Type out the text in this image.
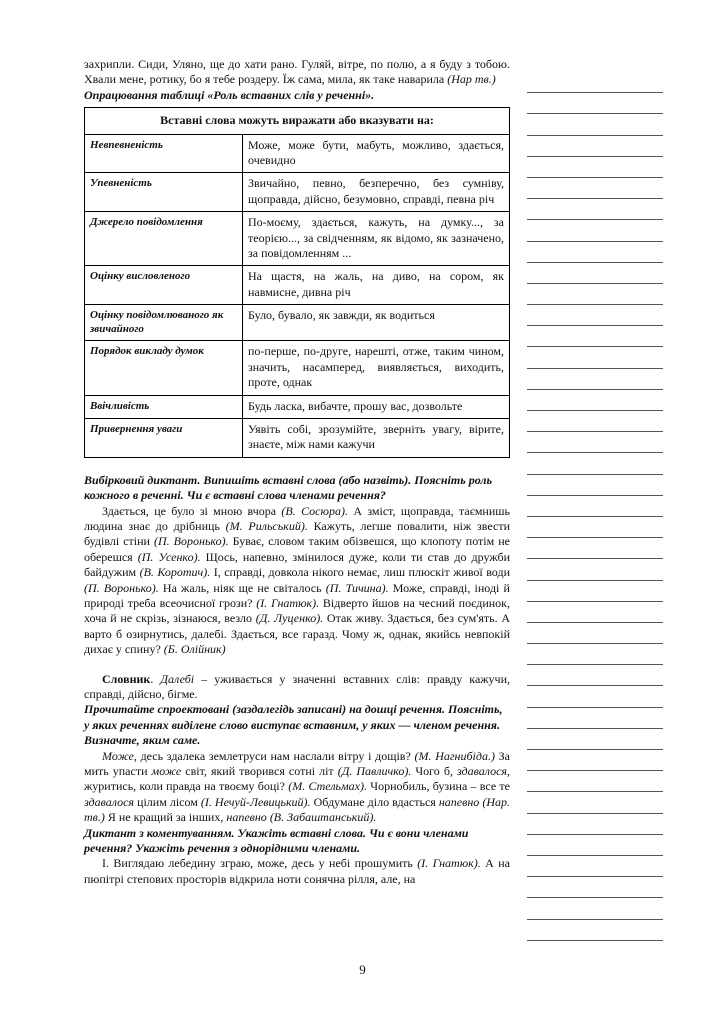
захрипли. Сиди, Уляно, ще до хати рано. Гуляй, вітре, по полю, а я буду з тобою. Хвали мене, ротику, бо я тебе роздеру. Їж сама, мила, як таке наварила (Нар тв.)

Опрацювання таблиці «Роль вставних слів у реченні».

Вставні слова можуть виражати або вказувати на:	
Невпевненість	Може, може бути, мабуть, можливо, здається, очевидно
Упевненість	Звичайно, певно, безперечно, без сумніву, щоправда, дійсно, безумовно, справді, певна річ
Джерело повідомлення	По-моєму, здається, кажуть, на думку..., за теорією..., за свідченням, як відомо, як зазначено, за повідомленням ...
Оцінку висловленого	На щастя, на жаль, на диво, на сором, як навмисне, дивна річ
Оцінку повідомлюваного як звичайного	Було, бувало, як завжди, як водиться
Порядок викладу думок	по-перше, по-друге, нарешті, отже, таким чином, значить, насамперед, виявляється, виходить, проте, однак
Ввічливість	Будь ласка, вибачте, прошу вас, дозвольте
Привернення уваги	Уявіть собі, зрозумійте, зверніть увагу, вірите, знаєте, між нами кажучи

Вибірковий диктант. Випишіть вставні слова (або назвіть). Поясніть роль кожного в реченні. Чи є вставні слова членами речення?

Здається, це було зі мною вчора (В. Сосюра). А зміст, щоправда, таємнишь людина знає до дрібниць (М. Рильський). Кажуть, легше повалити, ніж звести будівлі стіни (П. Воронько). Буває, словом таким обізвешся, що клопоту потім не оберешся (П. Усенко). Щось, напевно, змінилося дуже, коли ти став до дружби байдужим (В. Коротич). І, справді, довкола нікого немає, лиш плюскіт живої води (П. Воронько). На жаль, ніяк ще не світалось (П. Тичина). Може, справді, іноді й природі треба всеочисної грози? (І. Гнатюк). Відверто йшов на чесний поєдинок, хоча й не скрізь, зізнаюся, везло (Д. Луценко). Отак живу. Здається, без сум'ять. А варто б озирнутись, далебі. Здається, все гаразд. Чому ж, однак, якийсь невпокій дихає у спину? (Б. Олійник)

Словник. Далебі ‒ уживається у значенні вставних слів: правду кажучи, справді, дійсно, бігме.

Прочитайте спроектовані (заздалегідь записані) на дошці речення. Поясніть, у яких реченнях виділене слово виступає вставним, у яких — членом речення. Визначте, яким саме.

Може, десь здалека землетруси нам наслали вітру і дощів? (М. Нагнибіда.) За мить упасти може світ, який творився сотні літ (Д. Павличко). Чого б, здавалося, журитись, коли правда на твоєму боці? (М. Стельмах). Чорнобиль, бузина ‒ все те здавалося цілим лісом (І. Нечуй-Левицький). Обдумане діло вдасться напевно (Нар. тв.) Я не кращий за інших, напевно (В. Забаштанський).

Диктант з коментуванням. Укажіть вставні слова. Чи є вони членами речення? Укажіть речення з однорідними членами.

І. Виглядаю лебедину зграю, може, десь у небі прошумить (І. Гнатюк). А на пюпітрі степових просторів відкрила ноти сонячна рілля, але, на

9
